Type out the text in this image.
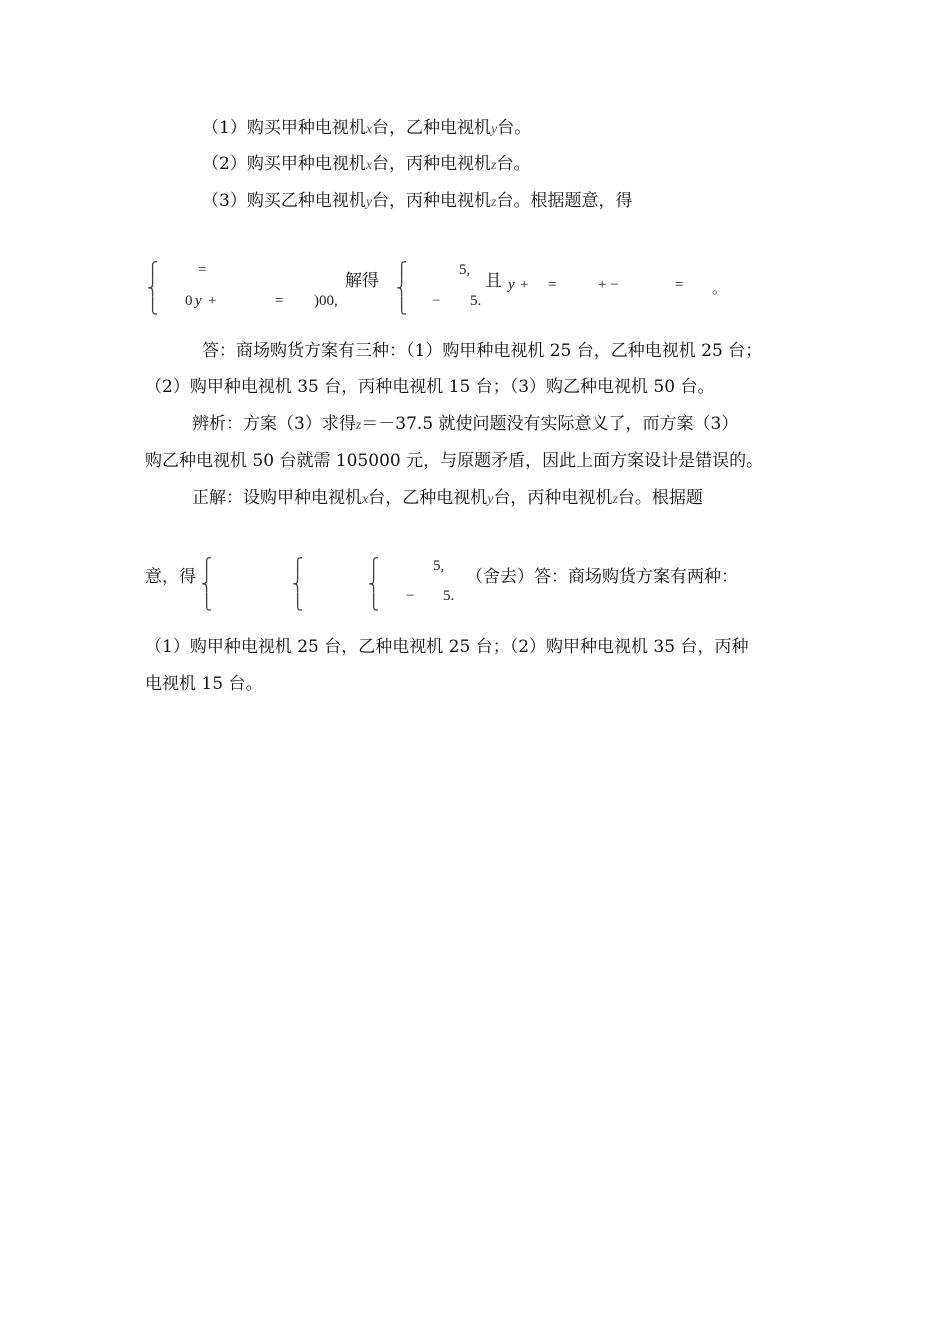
（1）购买甲种电视机x台，乙种电视机y台。
（2）购买甲种电视机x台，丙种电视机z台。
（3）购买乙种电视机y台，丙种电视机z台。根据题意，得
⎧
⎨
⎩
=
0 y +	= )00,
解得 ⎧
⎨
⎩
5,
− 5.
且 y + =	+ −	= 。
答：商场购货方案有三种：（1）购甲种电视机 25 台，乙种电视机 25 台；
（2）购甲种电视机 35 台，丙种电视机 15 台；（3）购乙种电视机 50 台。
辨析：方案（3）求得z＝－37.5 就使问题没有实际意义了，而方案（3）
购乙种电视机 50 台就需 105000 元，与原题矛盾，因此上面方案设计是错误的。
正解：设购甲种电视机x台，乙种电视机y台，丙种电视机z台。根据题
意，得 ⎧
⎨
⎩
⎧
⎨
⎩
⎧
⎨
⎩
5,
− 5.
（舍去）答：商场购货方案有两种：
（1）购甲种电视机 25 台，乙种电视机 25 台；（2）购甲种电视机 35 台，丙种
电视机 15 台。
